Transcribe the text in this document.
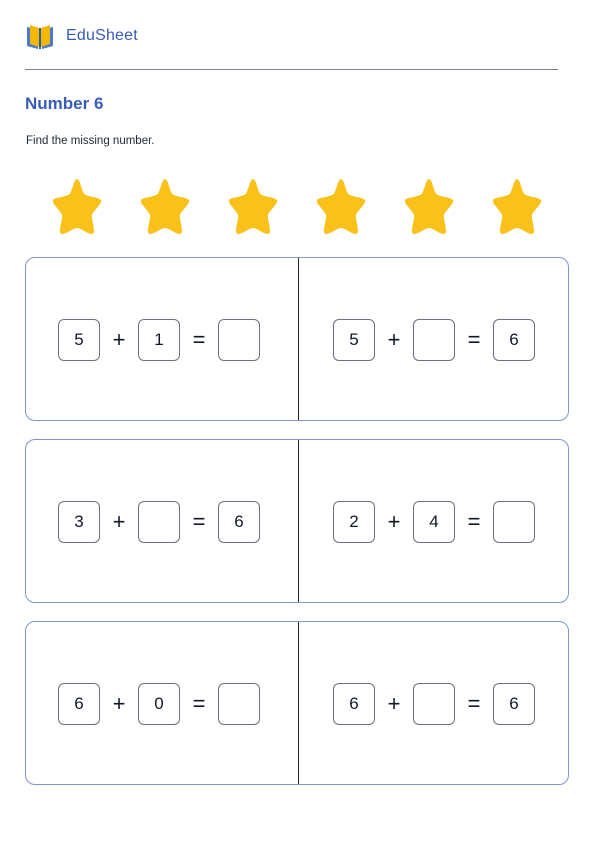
EduSheet
Number 6
Find the missing number.
5	+	1	=	5	+	=	6
3	+	=	6	2	+	4	=
6	+	0	=	6	+	=	6
